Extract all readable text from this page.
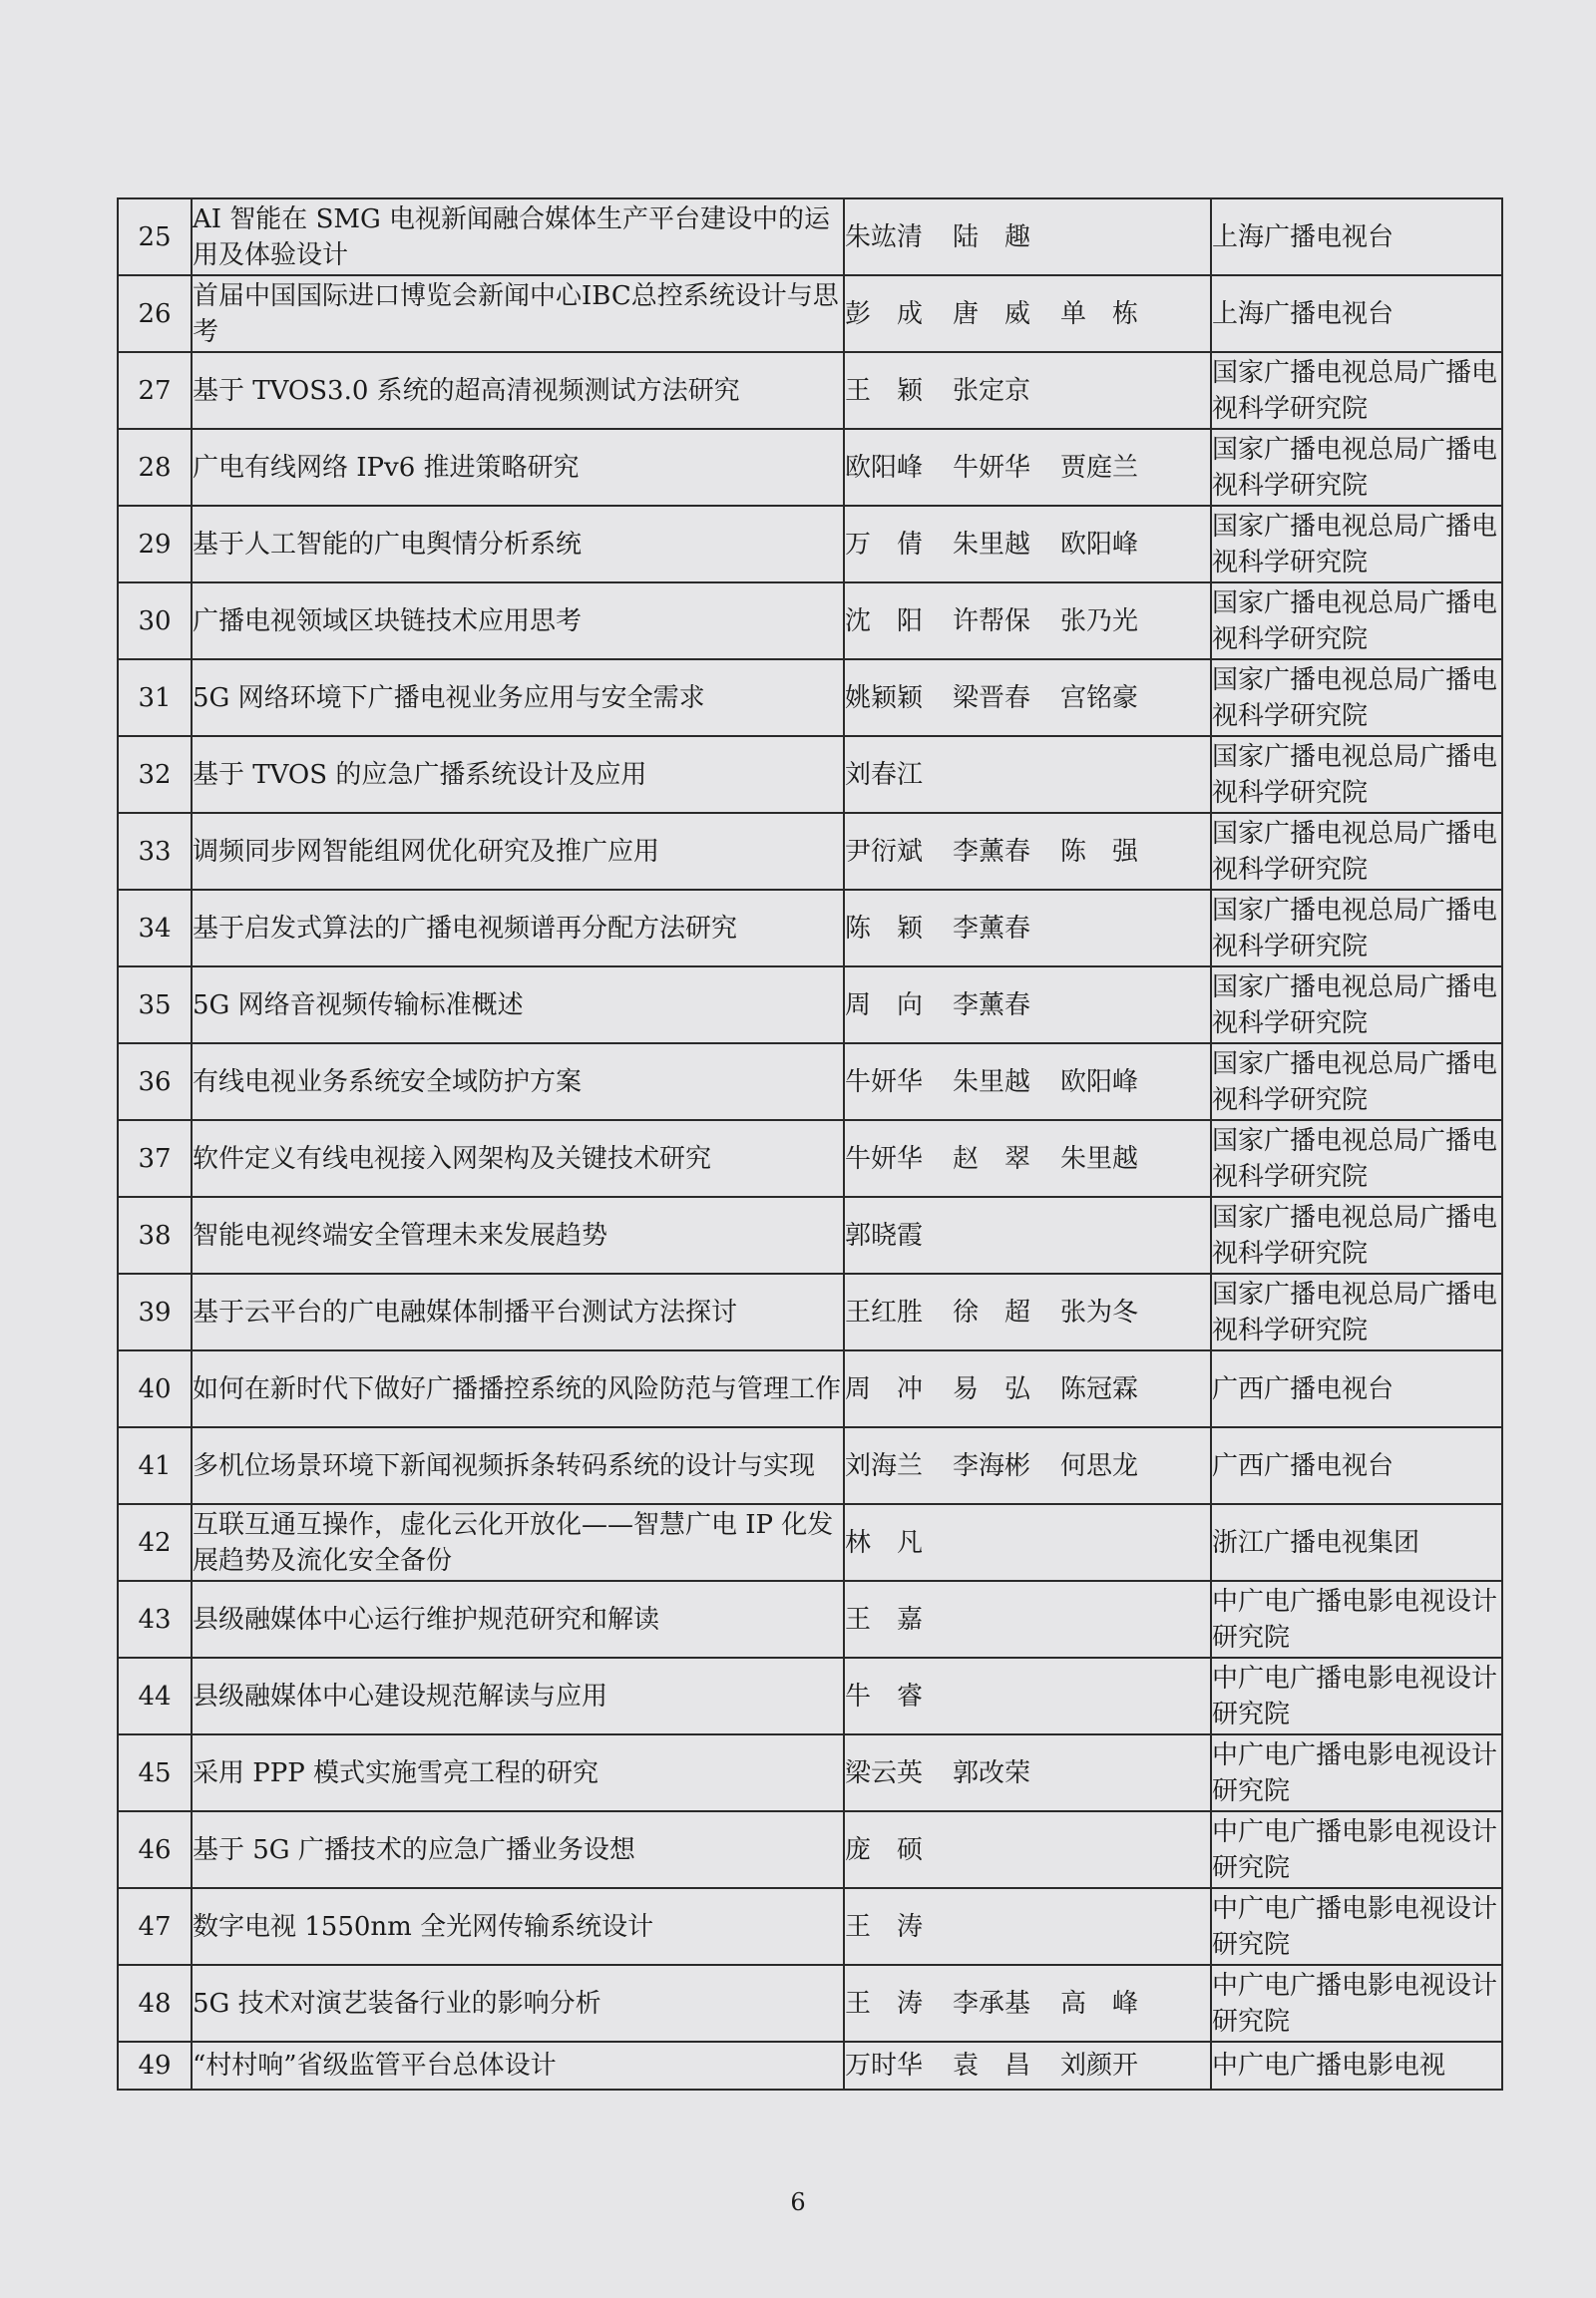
25	AI 智能在 SMG 电视新闻融合媒体生产平台建设中的运用及体验设计	朱竑清 陆　趣	上海广播电视台
26	首届中国国际进口博览会新闻中心IBC总控系统设计与思考	彭　成 唐　威 单　栋	上海广播电视台
27	基于 TVOS3.0 系统的超高清视频测试方法研究	王　颖 张定京	国家广播电视总局广播电视科学研究院
28	广电有线网络 IPv6 推进策略研究	欧阳峰 牛妍华 贾庭兰	国家广播电视总局广播电视科学研究院
29	基于人工智能的广电舆情分析系统	万　倩 朱里越 欧阳峰	国家广播电视总局广播电视科学研究院
30	广播电视领域区块链技术应用思考	沈　阳 许帮保 张乃光	国家广播电视总局广播电视科学研究院
31	5G 网络环境下广播电视业务应用与安全需求	姚颖颖 梁晋春 宫铭豪	国家广播电视总局广播电视科学研究院
32	基于 TVOS 的应急广播系统设计及应用	刘春江	国家广播电视总局广播电视科学研究院
33	调频同步网智能组网优化研究及推广应用	尹衍斌 李薰春 陈　强	国家广播电视总局广播电视科学研究院
34	基于启发式算法的广播电视频谱再分配方法研究	陈　颖 李薰春	国家广播电视总局广播电视科学研究院
35	5G 网络音视频传输标准概述	周　向 李薰春	国家广播电视总局广播电视科学研究院
36	有线电视业务系统安全域防护方案	牛妍华 朱里越 欧阳峰	国家广播电视总局广播电视科学研究院
37	软件定义有线电视接入网架构及关键技术研究	牛妍华 赵　翠 朱里越	国家广播电视总局广播电视科学研究院
38	智能电视终端安全管理未来发展趋势	郭晓霞	国家广播电视总局广播电视科学研究院
39	基于云平台的广电融媒体制播平台测试方法探讨	王红胜 徐　超 张为冬	国家广播电视总局广播电视科学研究院
40	如何在新时代下做好广播播控系统的风险防范与管理工作	周　冲 易　弘 陈冠霖	广西广播电视台
41	多机位场景环境下新闻视频拆条转码系统的设计与实现	刘海兰 李海彬 何思龙	广西广播电视台
42	互联互通互操作，虚化云化开放化——智慧广电 IP 化发展趋势及流化安全备份	林　凡	浙江广播电视集团
43	县级融媒体中心运行维护规范研究和解读	王　嘉	中广电广播电影电视设计研究院
44	县级融媒体中心建设规范解读与应用	牛　睿	中广电广播电影电视设计研究院
45	采用 PPP 模式实施雪亮工程的研究	梁云英 郭改荣	中广电广播电影电视设计研究院
46	基于 5G 广播技术的应急广播业务设想	庞　硕	中广电广播电影电视设计研究院
47	数字电视 1550nm 全光网传输系统设计	王　涛	中广电广播电影电视设计研究院
48	5G 技术对演艺装备行业的影响分析	王　涛 李承基 高　峰	中广电广播电影电视设计研究院
49	“村村响”省级监管平台总体设计	万时华 袁　昌 刘颜开	中广电广播电影电视
6
